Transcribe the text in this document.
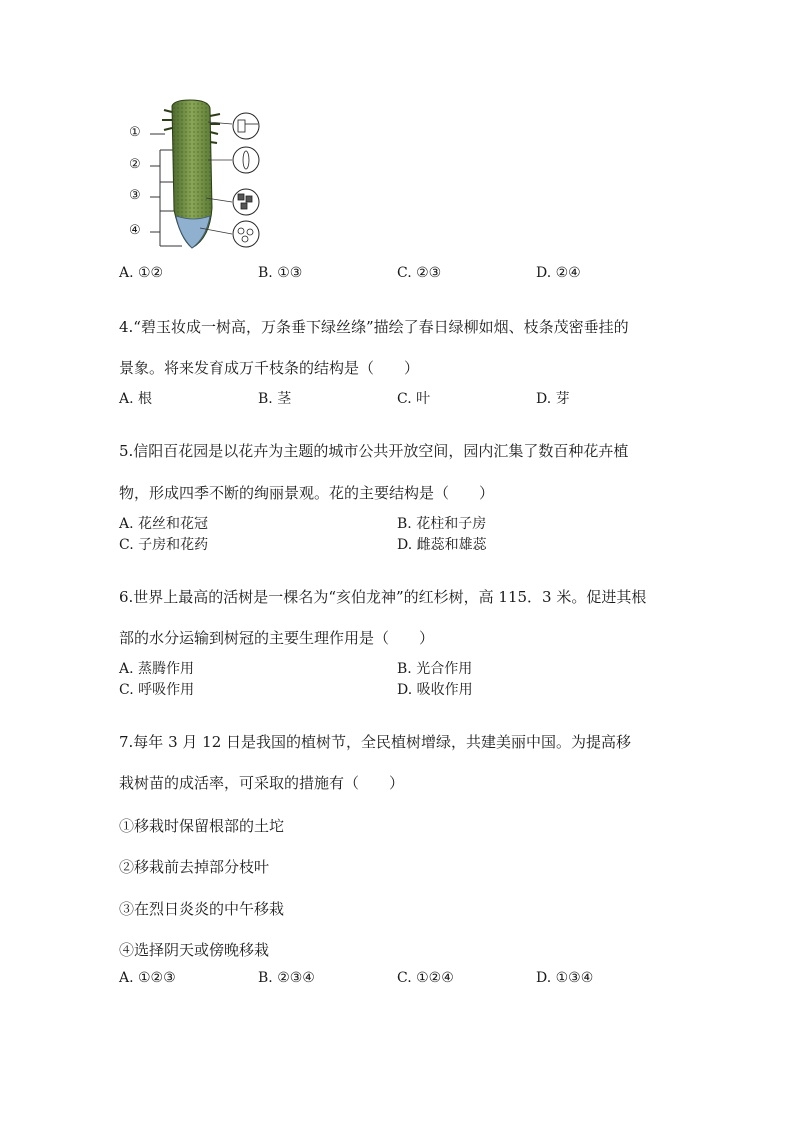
①
②
③
④
A. ①②	B. ①③	C. ②③	D. ②④
4.“碧玉妆成一树高，万条垂下绿丝绦”描绘了春日绿柳如烟、枝条茂密垂挂的
景象。将来发育成万千枝条的结构是（　　）
A. 根	B. 茎	C. 叶	D. 芽
5.信阳百花园是以花卉为主题的城市公共开放空间，园内汇集了数百种花卉植
物，形成四季不断的绚丽景观。花的主要结构是（　　）
A. 花丝和花冠	B. 花柱和子房
C. 子房和花药	D. 雌蕊和雄蕊
6.世界上最高的活树是一棵名为“亥伯龙神”的红杉树，高 115．3 米。促进其根
部的水分运输到树冠的主要生理作用是（　　）
A. 蒸腾作用	B. 光合作用
C. 呼吸作用	D. 吸收作用
7.每年 3 月 12 日是我国的植树节，全民植树增绿，共建美丽中国。为提高移
栽树苗的成活率，可采取的措施有（　　）
①移栽时保留根部的土坨
②移栽前去掉部分枝叶
③在烈日炎炎的中午移栽
④选择阴天或傍晚移栽
A. ①②③	B. ②③④	C. ①②④	D. ①③④
